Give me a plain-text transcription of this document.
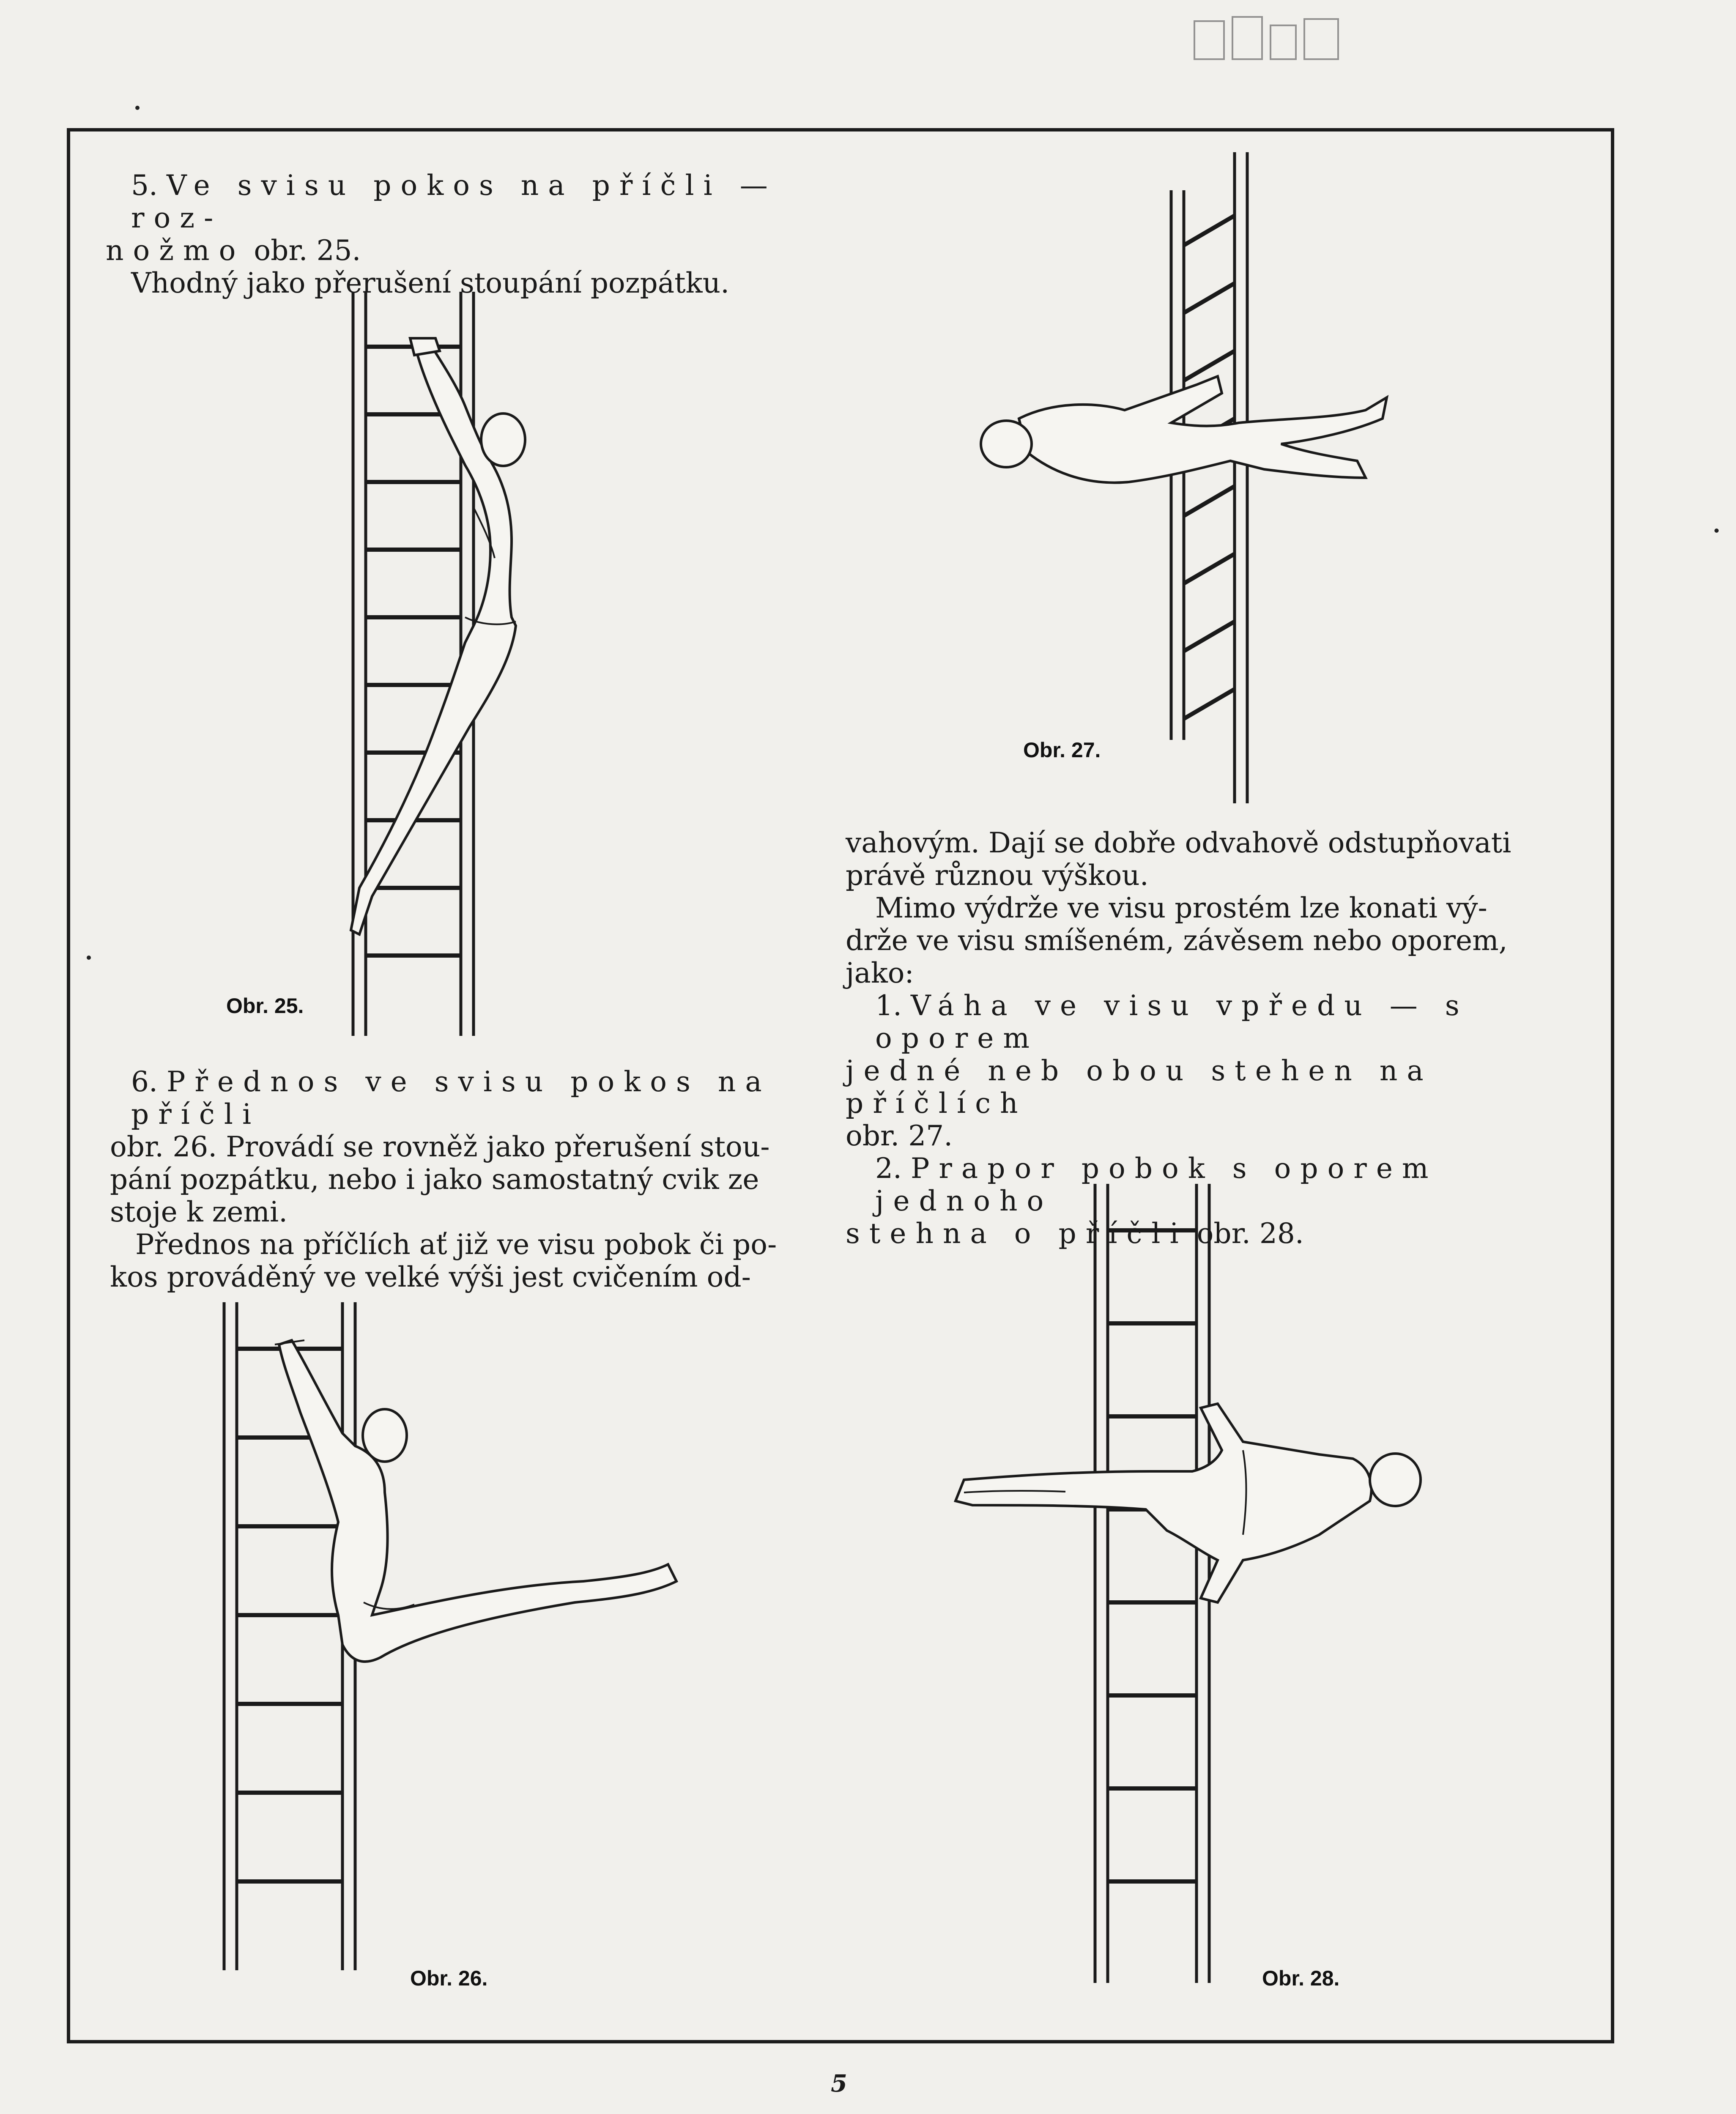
5. Ve svisu pokos na příčli — roz-

nožmo obr. 25.

Vhodný jako přerušení stoupání pozpátku.

Obr. 25.

6. Přednos ve svisu pokos na příčli

obr. 26. Provádí se rovněž jako přerušení stou-

pání pozpátku, nebo i jako samostatný cvik ze

stoje k zemi.

Přednos na příčlích ať již ve visu pobok či po-

kos prováděný ve velké výši jest cvičením od-

Obr. 26.
Obr. 27.

vahovým. Dají se dobře odvahově odstupňovati

právě různou výškou.

Mimo výdrže ve visu prostém lze konati vý-

drže ve visu smíšeném, závěsem nebo oporem,

jako:

1. Váha ve visu vpředu — s oporem

jedné neb obou stehen na příčlích

obr. 27.

2. Prapor pobok s oporem jednoho

stehna o příčli obr. 28.

Obr. 28.
5
